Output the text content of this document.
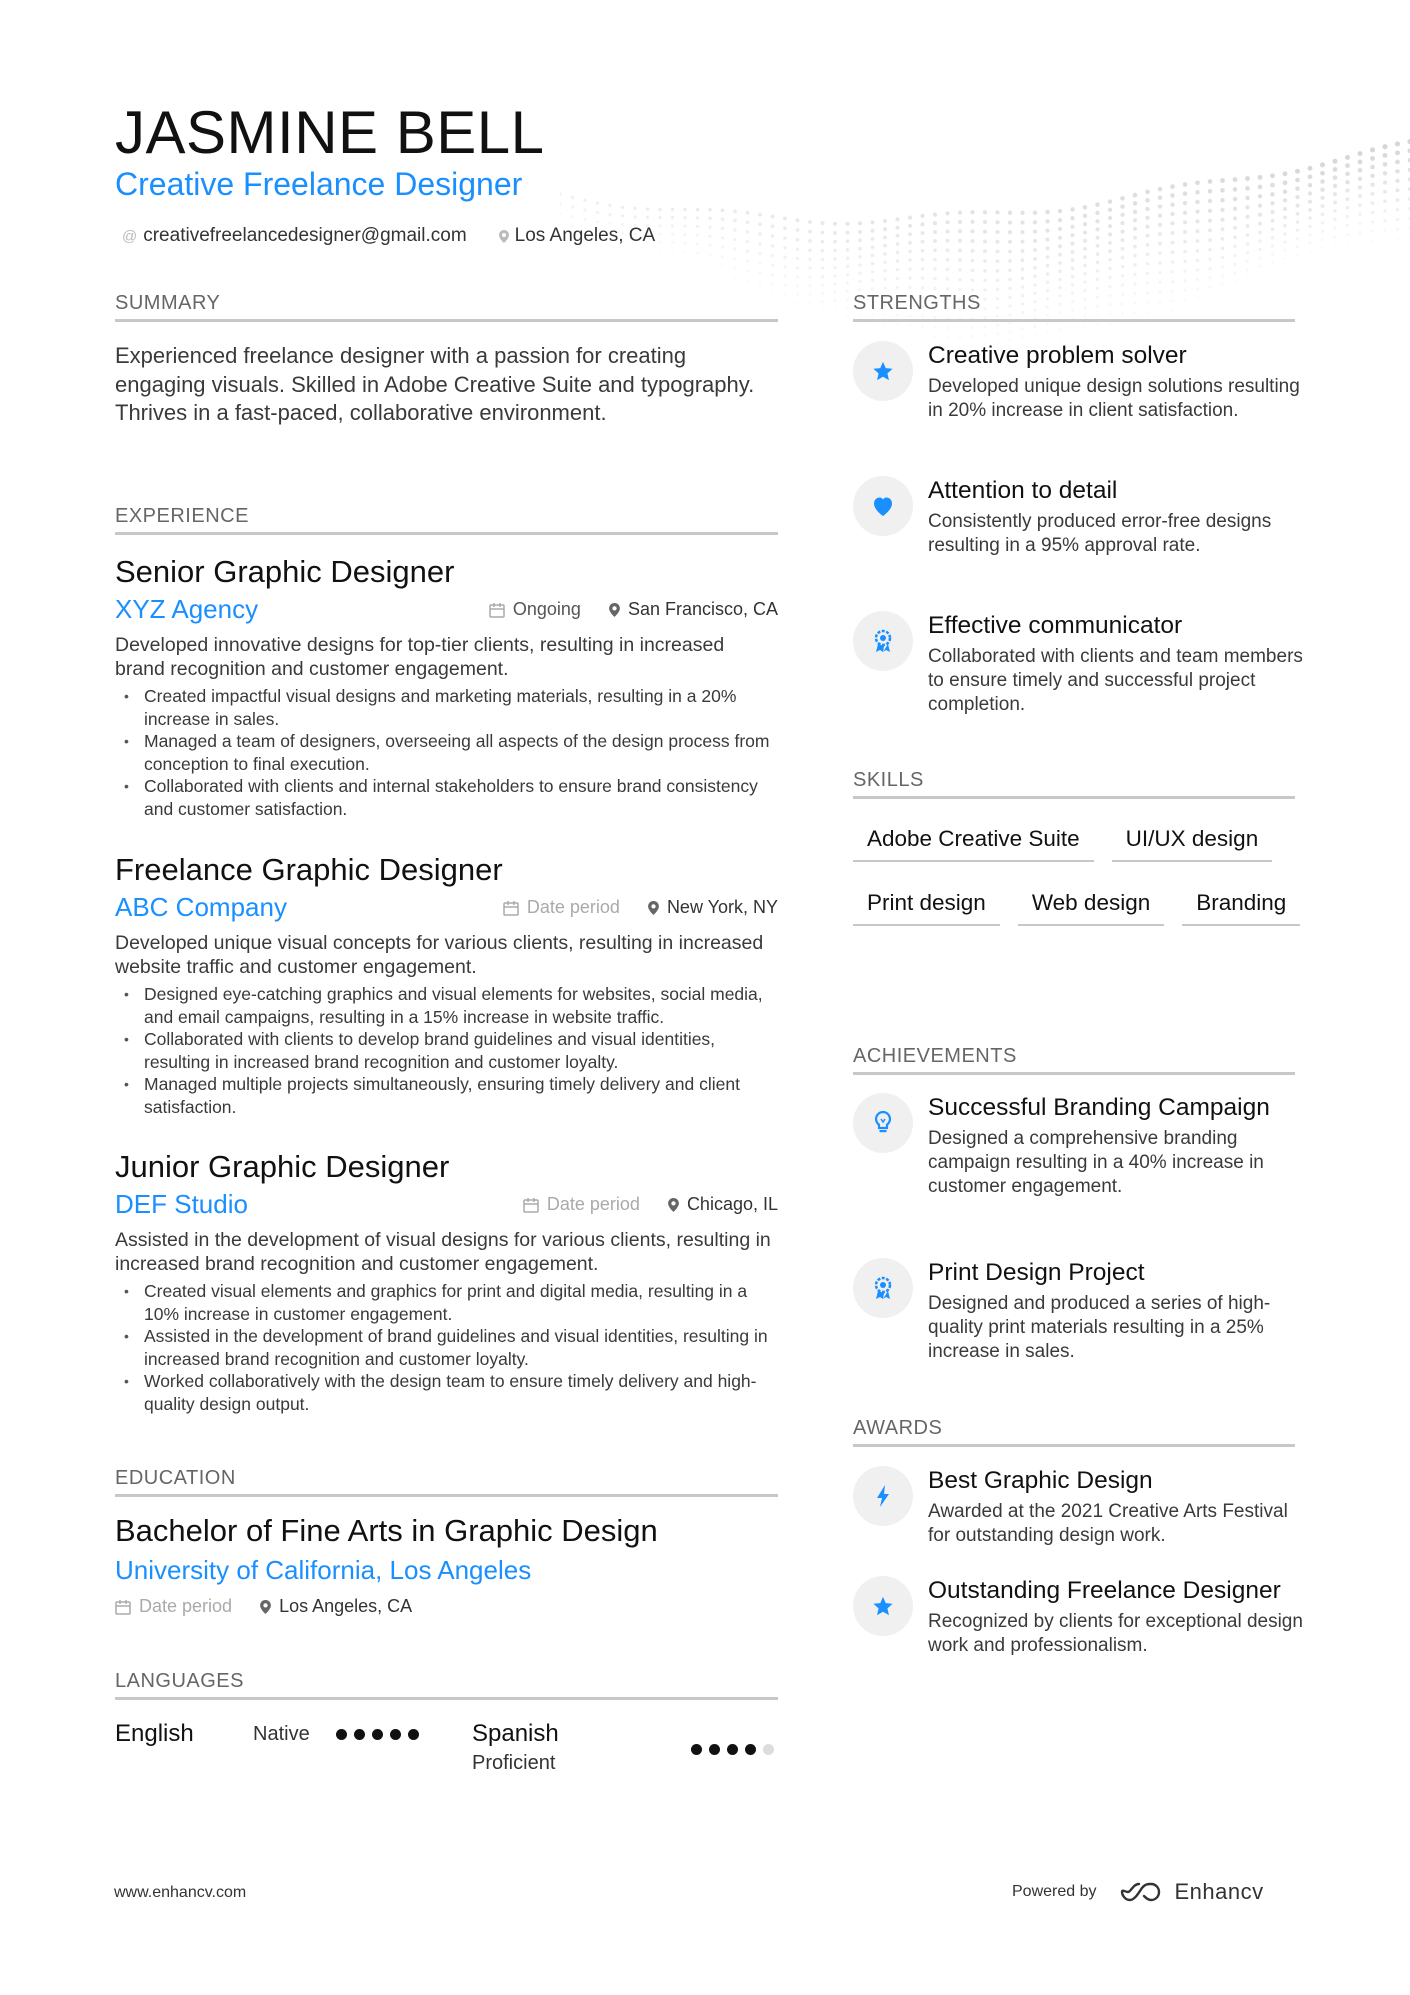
JASMINE BELL
Creative Freelance Designer
@ creativefreelancedesigner@gmail.com	Los Angeles, CA
SUMMARY
Experienced freelance designer with a passion for creating engaging visuals. Skilled in Adobe Creative Suite and typography. Thrives in a fast-paced, collaborative environment.
EXPERIENCE
Senior Graphic Designer
XYZ Agency	Ongoing	San Francisco, CA
Developed innovative designs for top-tier clients, resulting in increased brand recognition and customer engagement.
• Created impactful visual designs and marketing materials, resulting in a 20% increase in sales.
• Managed a team of designers, overseeing all aspects of the design process from conception to final execution.
• Collaborated with clients and internal stakeholders to ensure brand consistency and customer satisfaction.
Freelance Graphic Designer
ABC Company	Date period	New York, NY
Developed unique visual concepts for various clients, resulting in increased website traffic and customer engagement.
• Designed eye-catching graphics and visual elements for websites, social media, and email campaigns, resulting in a 15% increase in website traffic.
• Collaborated with clients to develop brand guidelines and visual identities, resulting in increased brand recognition and customer loyalty.
• Managed multiple projects simultaneously, ensuring timely delivery and client satisfaction.
Junior Graphic Designer
DEF Studio	Date period	Chicago, IL
Assisted in the development of visual designs for various clients, resulting in increased brand recognition and customer engagement.
• Created visual elements and graphics for print and digital media, resulting in a 10% increase in customer engagement.
• Assisted in the development of brand guidelines and visual identities, resulting in increased brand recognition and customer loyalty.
• Worked collaboratively with the design team to ensure timely delivery and high-quality design output.
EDUCATION
Bachelor of Fine Arts in Graphic Design
University of California, Los Angeles
Date period	Los Angeles, CA
LANGUAGES
English	Native	Spanish
Proficient
STRENGTHS
Creative problem solver
Developed unique design solutions resulting in 20% increase in client satisfaction.
Attention to detail
Consistently produced error-free designs resulting in a 95% approval rate.
Effective communicator
Collaborated with clients and team members to ensure timely and successful project completion.
SKILLS
Adobe Creative Suite	UI/UX design
Print design	Web design	Branding
ACHIEVEMENTS
Successful Branding Campaign
Designed a comprehensive branding campaign resulting in a 40% increase in customer engagement.
Print Design Project
Designed and produced a series of high-quality print materials resulting in a 25% increase in sales.
AWARDS
Best Graphic Design
Awarded at the 2021 Creative Arts Festival for outstanding design work.
Outstanding Freelance Designer
Recognized by clients for exceptional design work and professionalism.
www.enhancv.com	Powered by	Enhancv
